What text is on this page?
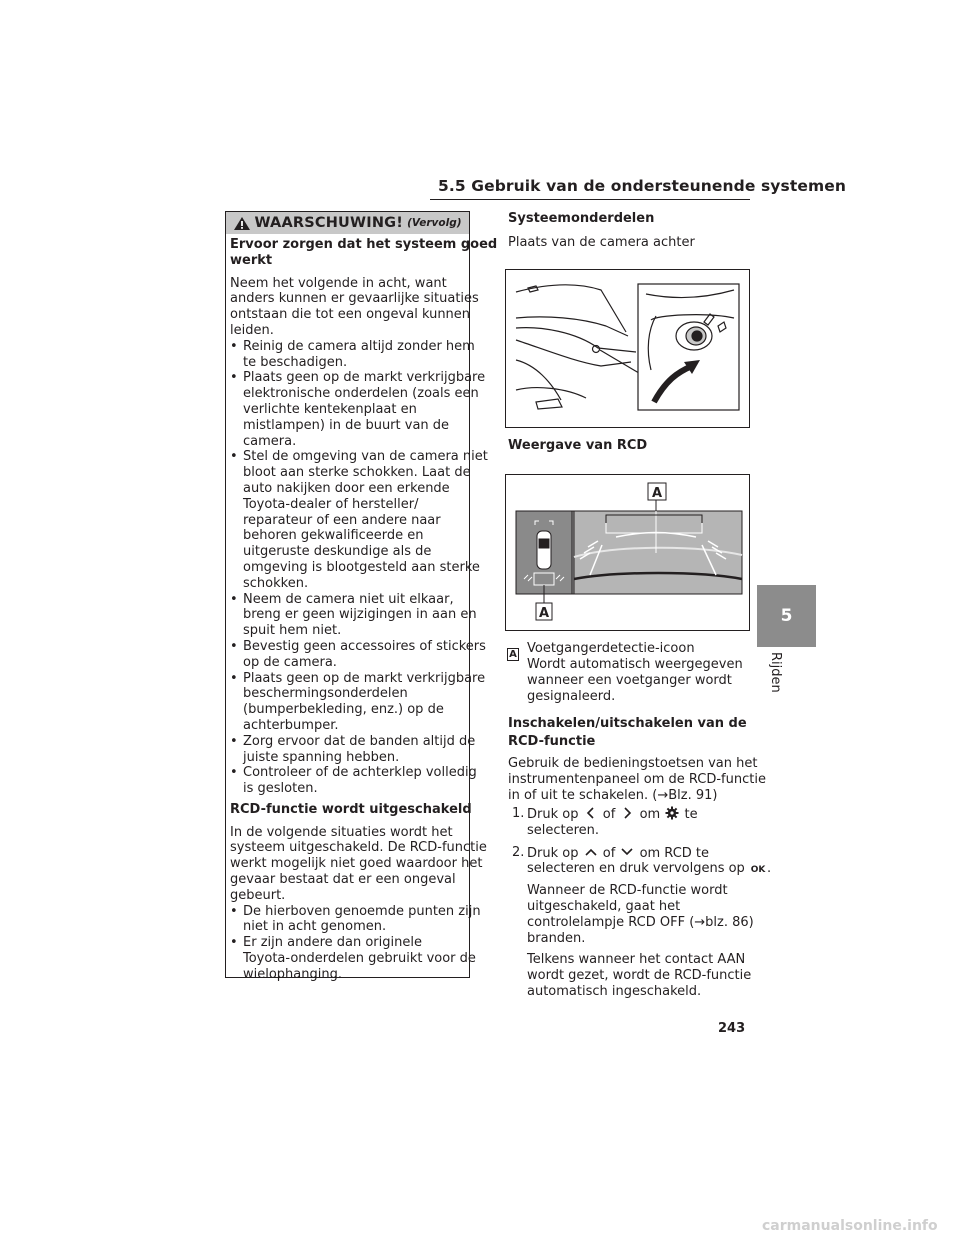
5.5 Gebruik van de ondersteunende systemen
WAARSCHUWING! (Vervolg)
Ervoor zorgen dat het systeem goed
werkt
Neem het volgende in acht, want
anders kunnen er gevaarlijke situaties
ontstaan die tot een ongeval kunnen
leiden.
• Reinig de camera altijd zonder hem
te beschadigen.
• Plaats geen op de markt verkrijgbare
elektronische onderdelen (zoals een
verlichte kentekenplaat en
mistlampen) in de buurt van de
camera.
• Stel de omgeving van de camera niet
bloot aan sterke schokken. Laat de
auto nakijken door een erkende
Toyota-dealer of hersteller/
reparateur of een andere naar
behoren gekwalificeerde en
uitgeruste deskundige als de
omgeving is blootgesteld aan sterke
schokken.
• Neem de camera niet uit elkaar,
breng er geen wijzigingen in aan en
spuit hem niet.
• Bevestig geen accessoires of stickers
op de camera.
• Plaats geen op de markt verkrijgbare
beschermingsonderdelen
(bumperbekleding, enz.) op de
achterbumper.
• Zorg ervoor dat de banden altijd de
juiste spanning hebben.
• Controleer of de achterklep volledig
is gesloten.
RCD-functie wordt uitgeschakeld
In de volgende situaties wordt het
systeem uitgeschakeld. De RCD-functie
werkt mogelijk niet goed waardoor het
gevaar bestaat dat er een ongeval
gebeurt.
• De hierboven genoemde punten zijn
niet in acht genomen.
• Er zijn andere dan originele
Toyota-onderdelen gebruikt voor de
wielophanging.
Systeemonderdelen
Plaats van de camera achter
Weergave van RCD
A
A
A Voetgangerdetectie-icoon
Wordt automatisch weergegeven
wanneer een voetganger wordt
gesignaleerd.
Inschakelen/uitschakelen van de
RCD-functie
Gebruik de bedieningstoetsen van het
instrumentenpaneel om de RCD-functie
in of uit te schakelen. (→Blz. 91)
1. Druk op of om te
selecteren.
2. Druk op of om RCD te
selecteren en druk vervolgens op OK .
Wanneer de RCD-functie wordt
uitgeschakeld, gaat het
controlelampje RCD OFF (→blz. 86)
branden.
Telkens wanneer het contact AAN
wordt gezet, wordt de RCD-functie
automatisch ingeschakeld.
5
Rijden
243
carmanualsonline.info
